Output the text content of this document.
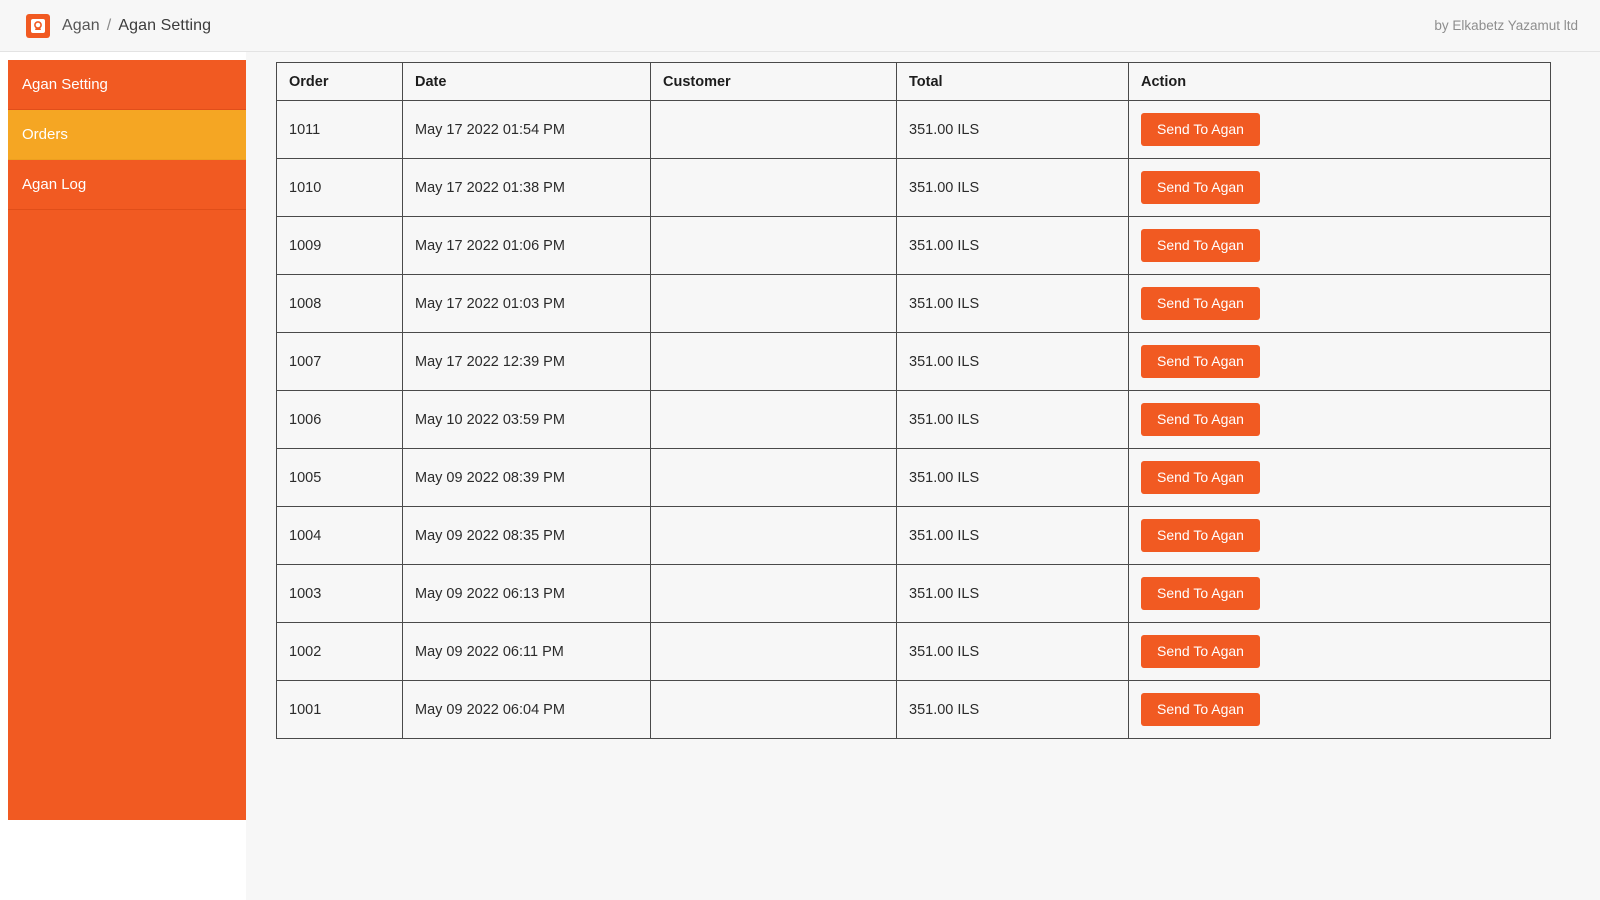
Agan / Agan Setting	by Elkabetz Yazamut ltd
Agan Setting
Orders
Agan Log
Order	Date	Customer	Total	Action
1011	May 17 2022 01:54 PM		351.00 ILS	Send To Agan
1010	May 17 2022 01:38 PM		351.00 ILS	Send To Agan
1009	May 17 2022 01:06 PM		351.00 ILS	Send To Agan
1008	May 17 2022 01:03 PM		351.00 ILS	Send To Agan
1007	May 17 2022 12:39 PM		351.00 ILS	Send To Agan
1006	May 10 2022 03:59 PM		351.00 ILS	Send To Agan
1005	May 09 2022 08:39 PM		351.00 ILS	Send To Agan
1004	May 09 2022 08:35 PM		351.00 ILS	Send To Agan
1003	May 09 2022 06:13 PM		351.00 ILS	Send To Agan
1002	May 09 2022 06:11 PM		351.00 ILS	Send To Agan
1001	May 09 2022 06:04 PM		351.00 ILS	Send To Agan
